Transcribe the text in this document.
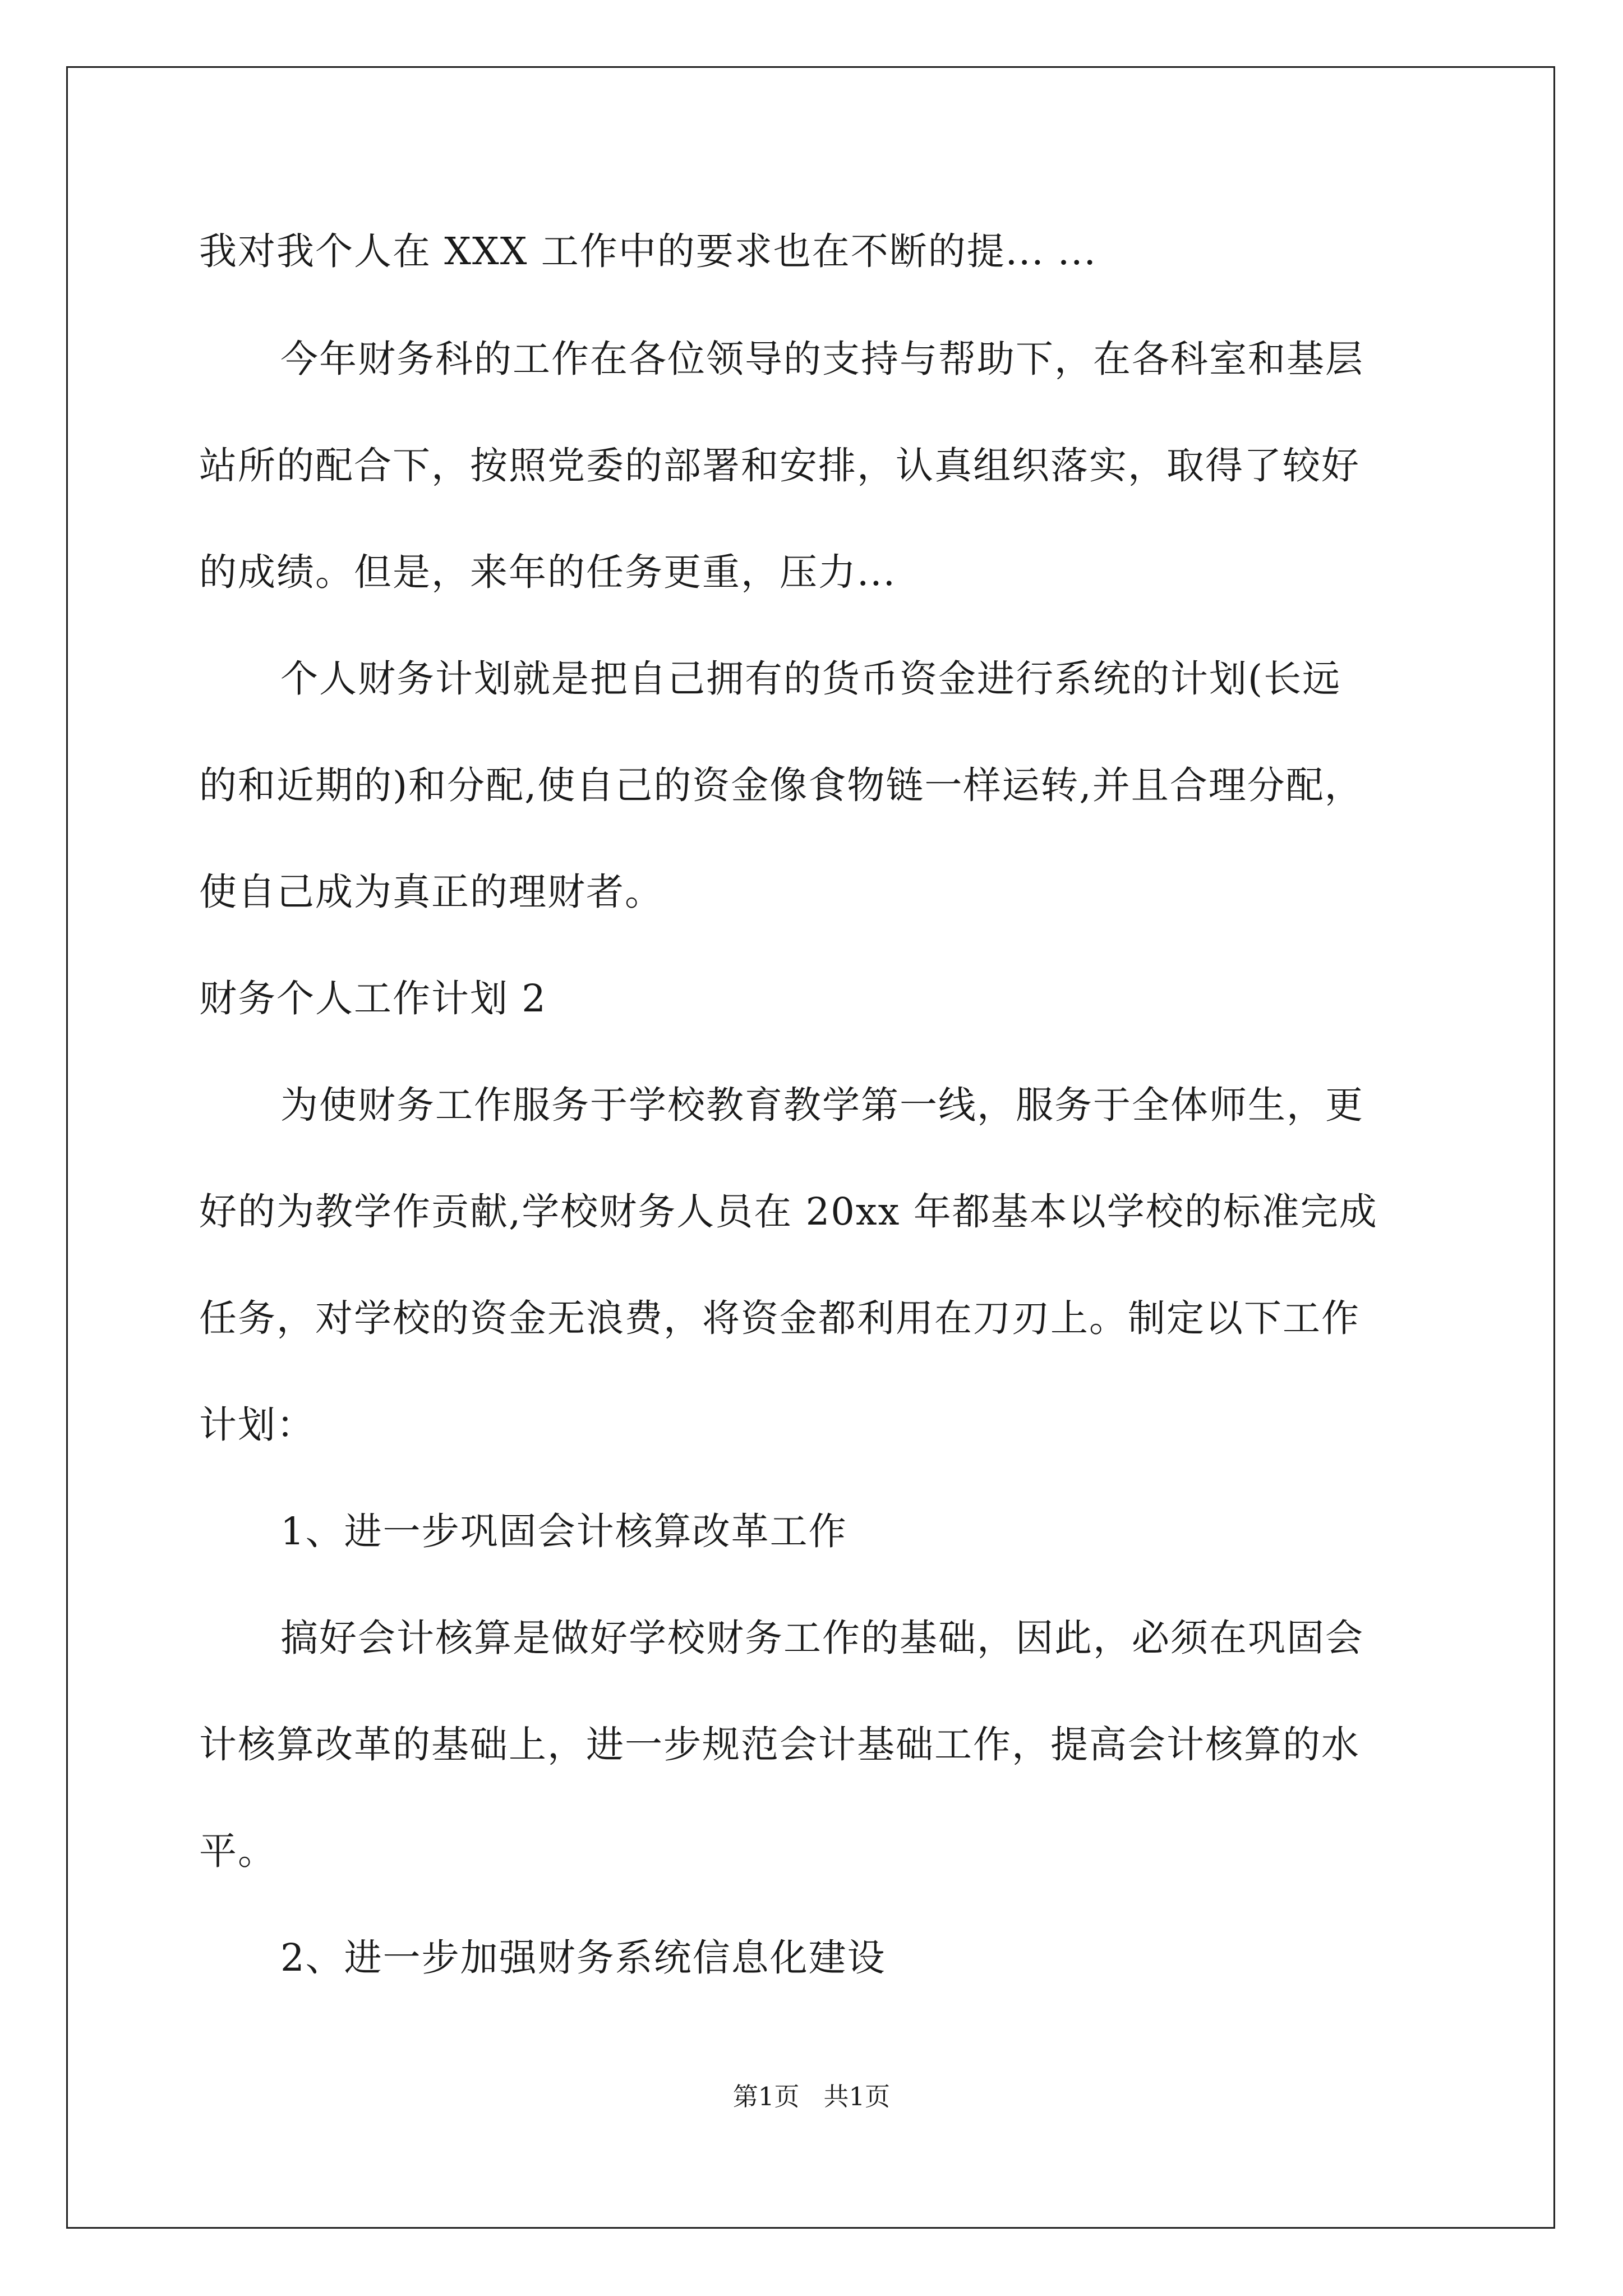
我对我个人在 XXX 工作中的要求也在不断的提... ...

今年财务科的工作在各位领导的支持与帮助下，在各科室和基层

站所的配合下，按照党委的部署和安排，认真组织落实，取得了较好

的成绩。但是，来年的任务更重，压力...

个人财务计划就是把自己拥有的货币资金进行系统的计划(长远

的和近期的)和分配,使自己的资金像食物链一样运转,并且合理分配，

使自己成为真正的理财者。

财务个人工作计划 2

为使财务工作服务于学校教育教学第一线，服务于全体师生，更

好的为教学作贡献,学校财务人员在 20xx 年都基本以学校的标准完成

任务，对学校的资金无浪费，将资金都利用在刀刃上。制定以下工作

计划：

1、进一步巩固会计核算改革工作

搞好会计核算是做好学校财务工作的基础，因此，必须在巩固会

计核算改革的基础上，进一步规范会计基础工作，提高会计核算的水

平。

2、进一步加强财务系统信息化建设

第1页   共1页
